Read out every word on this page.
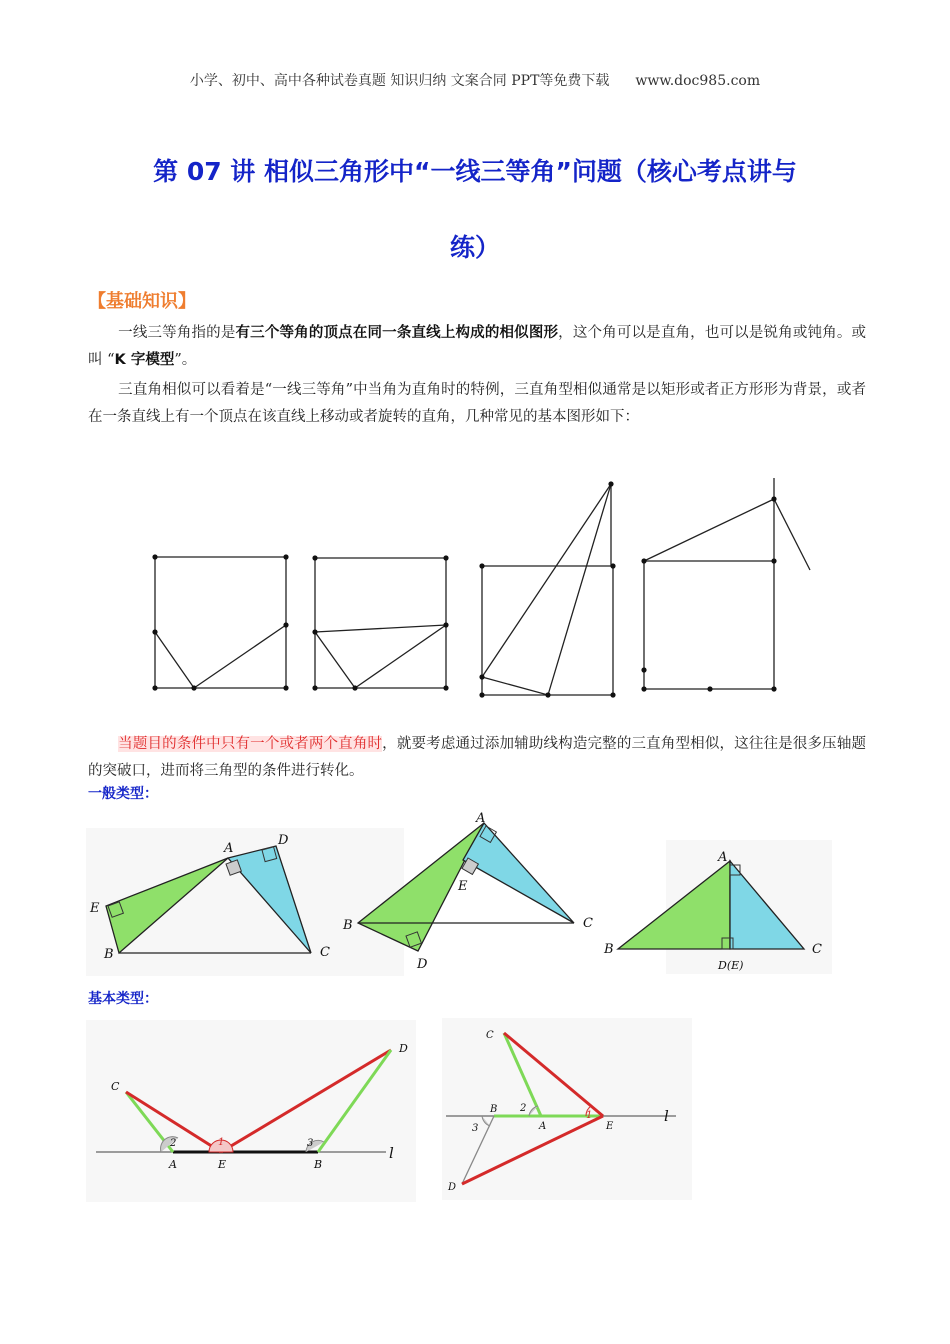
小学、初中、高中各种试卷真题 知识归纳 文案合同 PPT等免费下载 www.doc985.com
第 07 讲 相似三角形中“一线三等角”问题（核心考点讲与
练）
【基础知识】
一线三等角指的是有三个等角的顶点在同一条直线上构成的相似图形，这个角可以是直角，也可以是锐角或钝角。或叫 “K 字模型”。
三直角相似可以看着是“一线三等角”中当角为直角时的特例，三直角型相似通常是以矩形或者正方形形为背景，或者在一条直线上有一个顶点在该直线上移动或者旋转的直角，几种常见的基本图形如下：
当题目的条件中只有一个或者两个直角时，就要考虑通过添加辅助线构造完整的三直角型相似，这往往是很多压轴题的突破口，进而将三角型的条件进行转化。
一般类型：
A
D
E
B	C
A
E
B	C
D
A
B	C
D(E)
基本类型：
C
D
A	E	B
l
1
2	3
C
B 2
1
E
l
A
3
D
